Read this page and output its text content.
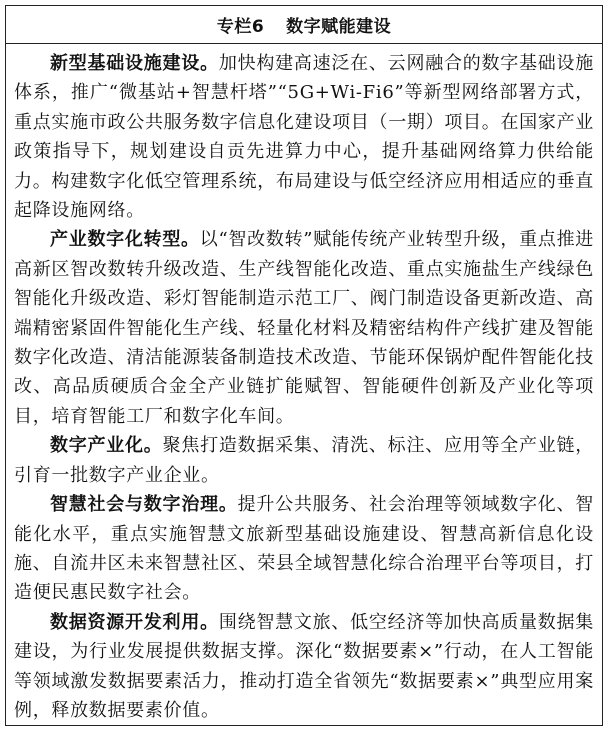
专栏6 数字赋能建设

新型基础设施建设。加快构建高速泛在、云网融合的数字基础设施体系，推广“微基站+智慧杆塔”“5G+Wi-Fi6”等新型网络部署方式，重点实施市政公共服务数字信息化建设项目（一期）项目。在国家产业政策指导下，规划建设自贡先进算力中心，提升基础网络算力供给能力。构建数字化低空管理系统，布局建设与低空经济应用相适应的垂直起降设施网络。

产业数字化转型。以“智改数转”赋能传统产业转型升级，重点推进高新区智改数转升级改造、生产线智能化改造、重点实施盐生产线绿色智能化升级改造、彩灯智能制造示范工厂、阀门制造设备更新改造、高端精密紧固件智能化生产线、轻量化材料及精密结构件产线扩建及智能数字化改造、清洁能源装备制造技术改造、节能环保锅炉配件智能化技改、高品质硬质合金全产业链扩能赋智、智能硬件创新及产业化等项目，培育智能工厂和数字化车间。

数字产业化。聚焦打造数据采集、清洗、标注、应用等全产业链，引育一批数字产业企业。

智慧社会与数字治理。提升公共服务、社会治理等领域数字化、智能化水平，重点实施智慧文旅新型基础设施建设、智慧高新信息化设施、自流井区未来智慧社区、荣县全域智慧化综合治理平台等项目，打造便民惠民数字社会。

数据资源开发利用。围绕智慧文旅、低空经济等加快高质量数据集建设，为行业发展提供数据支撑。深化“数据要素×”行动，在人工智能等领域激发数据要素活力，推动打造全省领先“数据要素×”典型应用案例，释放数据要素价值。
